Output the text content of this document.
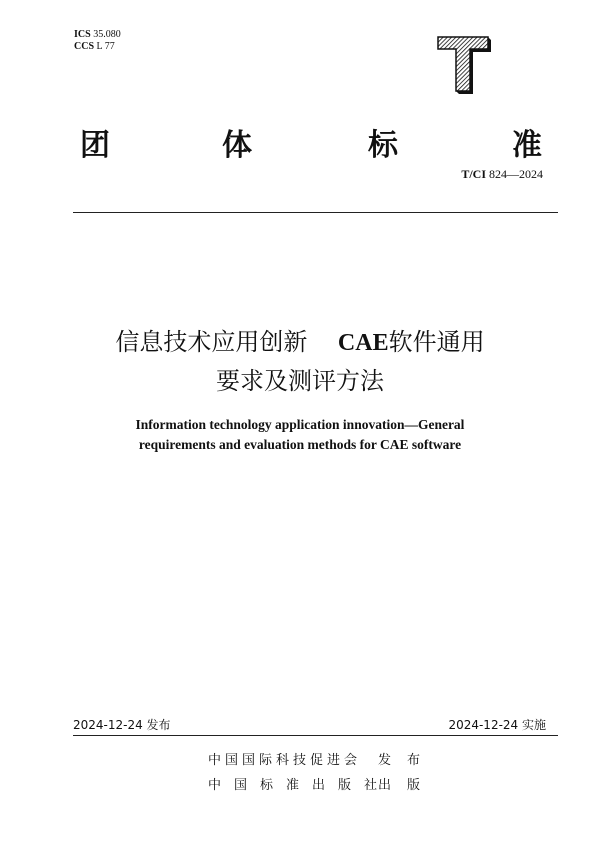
ICS 35.080
CCS L 77
团	体	标	准
T/CI 824—2024
信息技术应用创新 CAE软件通用
要求及测评方法
Information technology application innovation—General
requirements and evaluation methods for CAE software
2024-12-24 发布	2024-12-24 实施
中国国际科技促进会 发布
中国标准出版社
出版
